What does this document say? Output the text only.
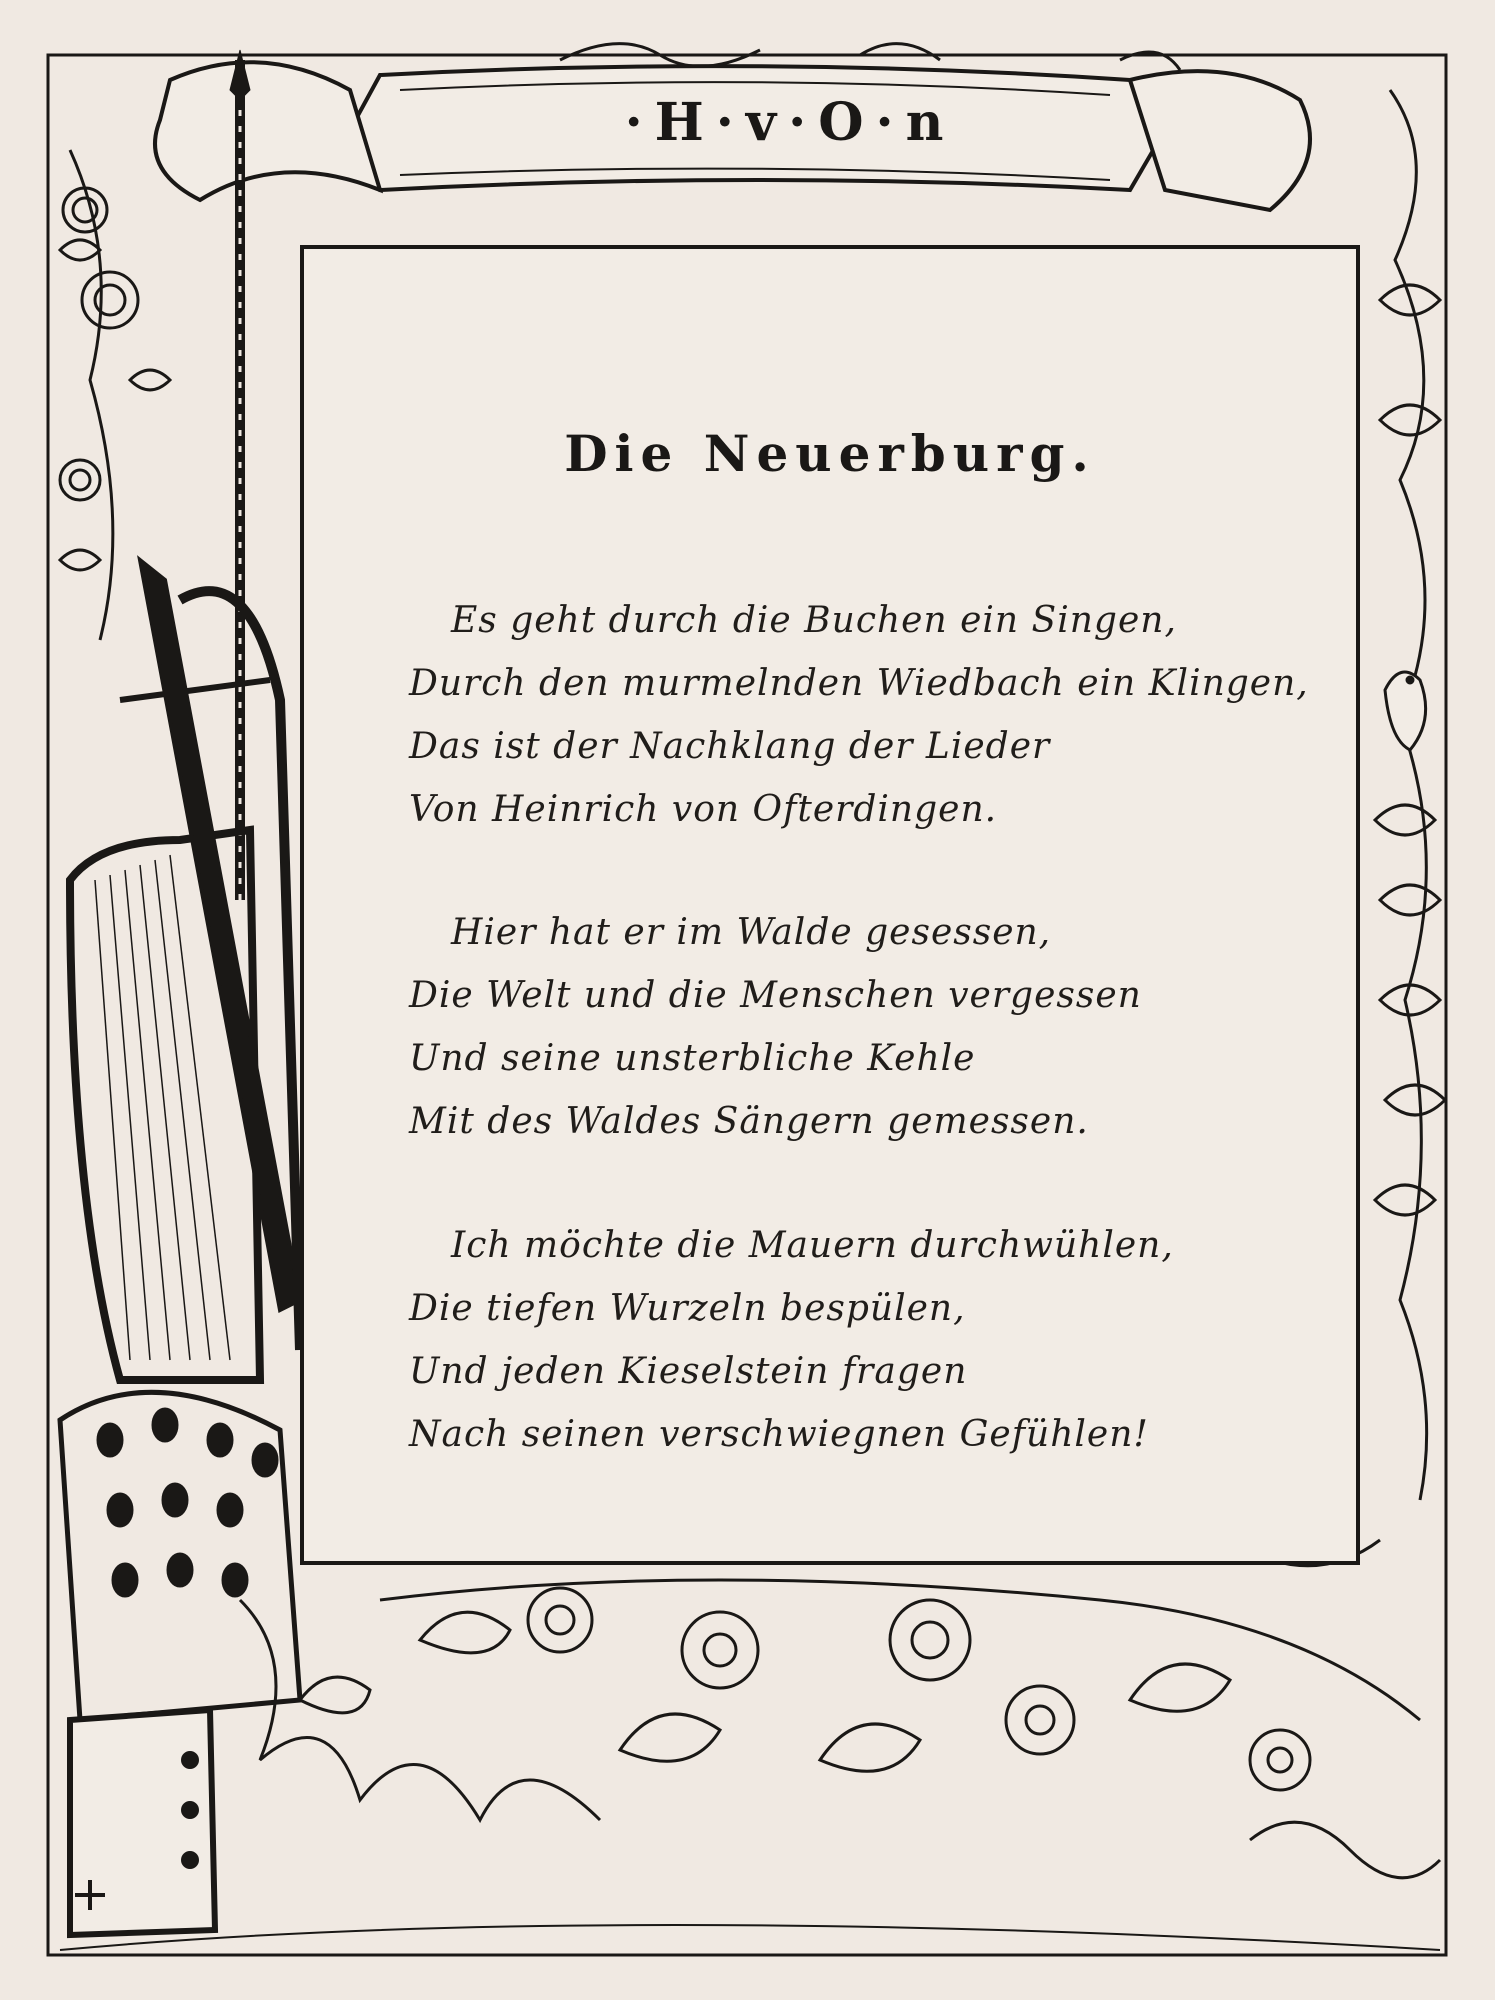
·H·v·O·n
Die Neuerburg.
Es geht durch die Buchen ein Singen,
Durch den murmelnden Wiedbach ein Klingen,
Das ist der Nachklang der Lieder
Von Heinrich von Ofterdingen.
Hier hat er im Walde gesessen,
Die Welt und die Menschen vergessen
Und seine unsterbliche Kehle
Mit des Waldes Sängern gemessen.
Ich möchte die Mauern durchwühlen,
Die tiefen Wurzeln bespülen,
Und jeden Kieselstein fragen
Nach seinen verschwiegnen Gefühlen!
